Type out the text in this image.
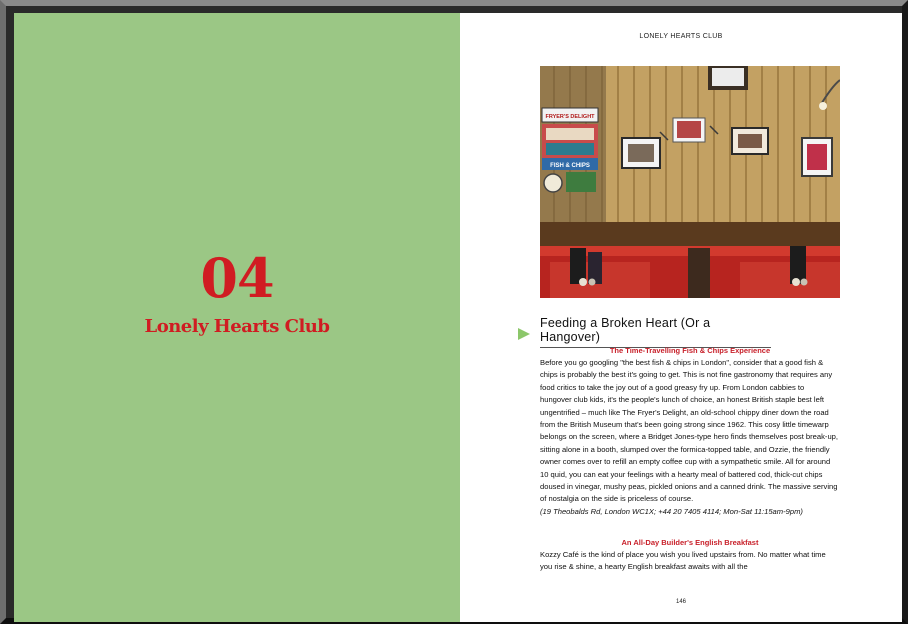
04
Lonely Hearts Club
LONELY HEARTS CLUB
FRYER'S DELIGHT
FISH & CHIPS
Feeding a Broken Heart (Or a Hangover)
The Time-Travelling Fish & Chips Experience

Before you go googling "the best fish & chips in London", consider that a good fish & chips is probably the best it's going to get. This is not fine gastronomy that requires any food critics to take the joy out of a good greasy fry up. From London cabbies to hungover club kids, it's the people's lunch of choice, an honest British staple best left ungentrified – much like The Fryer's Delight, an old-school chippy diner down the road from the British Museum that's been going strong since 1962. This cosy little timewarp belongs on the screen, where a Bridget Jones-type hero finds themselves post break-up, sitting alone in a booth, slumped over the formica-topped table, and Ozzie, the friendly owner comes over to refill an empty coffee cup with a sympathetic smile. All for around 10 quid, you can eat your feelings with a hearty meal of battered cod, thick-cut chips doused in vinegar, mushy peas, pickled onions and a canned drink. The massive serving of nostalgia on the side is priceless of course.

(19 Theobalds Rd, London WC1X; +44 20 7405 4114; Mon-Sat 11:15am-9pm)

An All-Day Builder's English Breakfast

Kozzy Café is the kind of place you wish you lived upstairs from. No matter what time you rise & shine, a hearty English breakfast awaits with all the

146
